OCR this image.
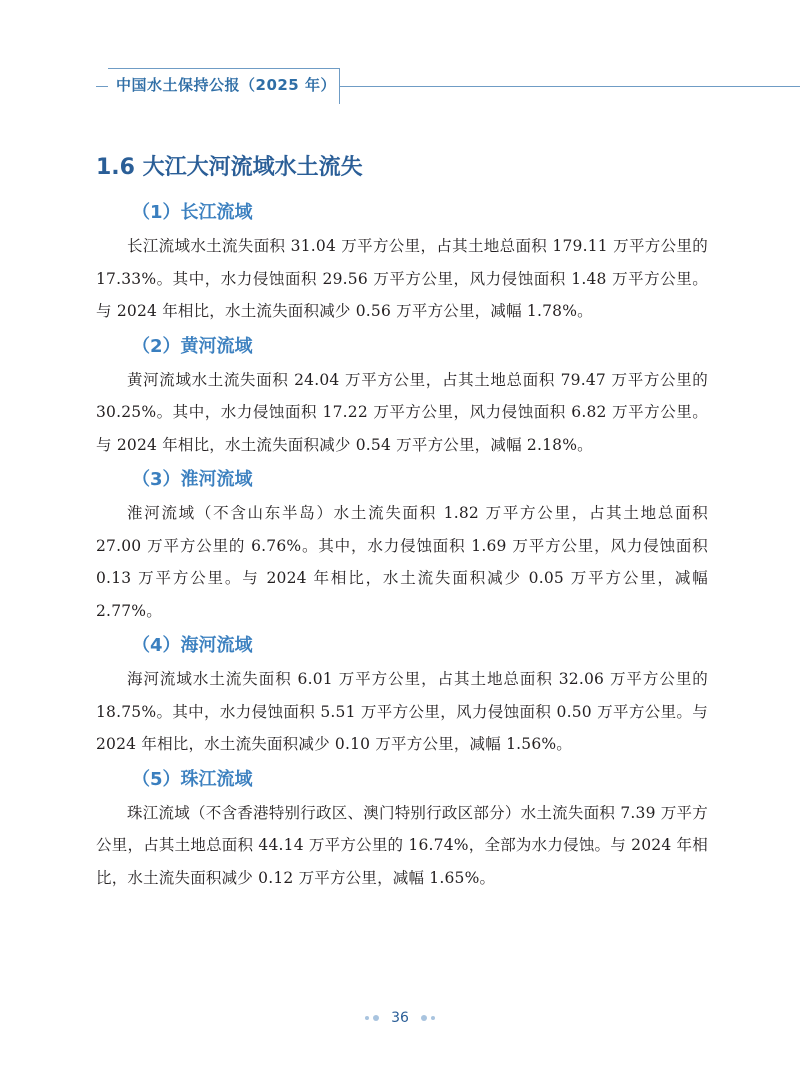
中国水土保持公报（2025 年）
1.6 大江大河流域水土流失
（1）长江流域

长江流域水土流失面积 31.04 万平方公里，占其土地总面积 179.11 万平方公里的 17.33%。其中，水力侵蚀面积 29.56 万平方公里，风力侵蚀面积 1.48 万平方公里。与 2024 年相比，水土流失面积减少 0.56 万平方公里，减幅 1.78%。

（2）黄河流域

黄河流域水土流失面积 24.04 万平方公里，占其土地总面积 79.47 万平方公里的 30.25%。其中，水力侵蚀面积 17.22 万平方公里，风力侵蚀面积 6.82 万平方公里。与 2024 年相比，水土流失面积减少 0.54 万平方公里，减幅 2.18%。

（3）淮河流域

淮河流域（不含山东半岛）水土流失面积 1.82 万平方公里，占其土地总面积 27.00 万平方公里的 6.76%。其中，水力侵蚀面积 1.69 万平方公里，风力侵蚀面积 0.13 万平方公里。与 2024 年相比，水土流失面积减少 0.05 万平方公里，减幅 2.77%。

（4）海河流域

海河流域水土流失面积 6.01 万平方公里，占其土地总面积 32.06 万平方公里的 18.75%。其中，水力侵蚀面积 5.51 万平方公里，风力侵蚀面积 0.50 万平方公里。与 2024 年相比，水土流失面积减少 0.10 万平方公里，减幅 1.56%。

（5）珠江流域

珠江流域（不含香港特别行政区、澳门特别行政区部分）水土流失面积 7.39 万平方公里，占其土地总面积 44.14 万平方公里的 16.74%，全部为水力侵蚀。与 2024 年相比，水土流失面积减少 0.12 万平方公里，减幅 1.65%。

36
